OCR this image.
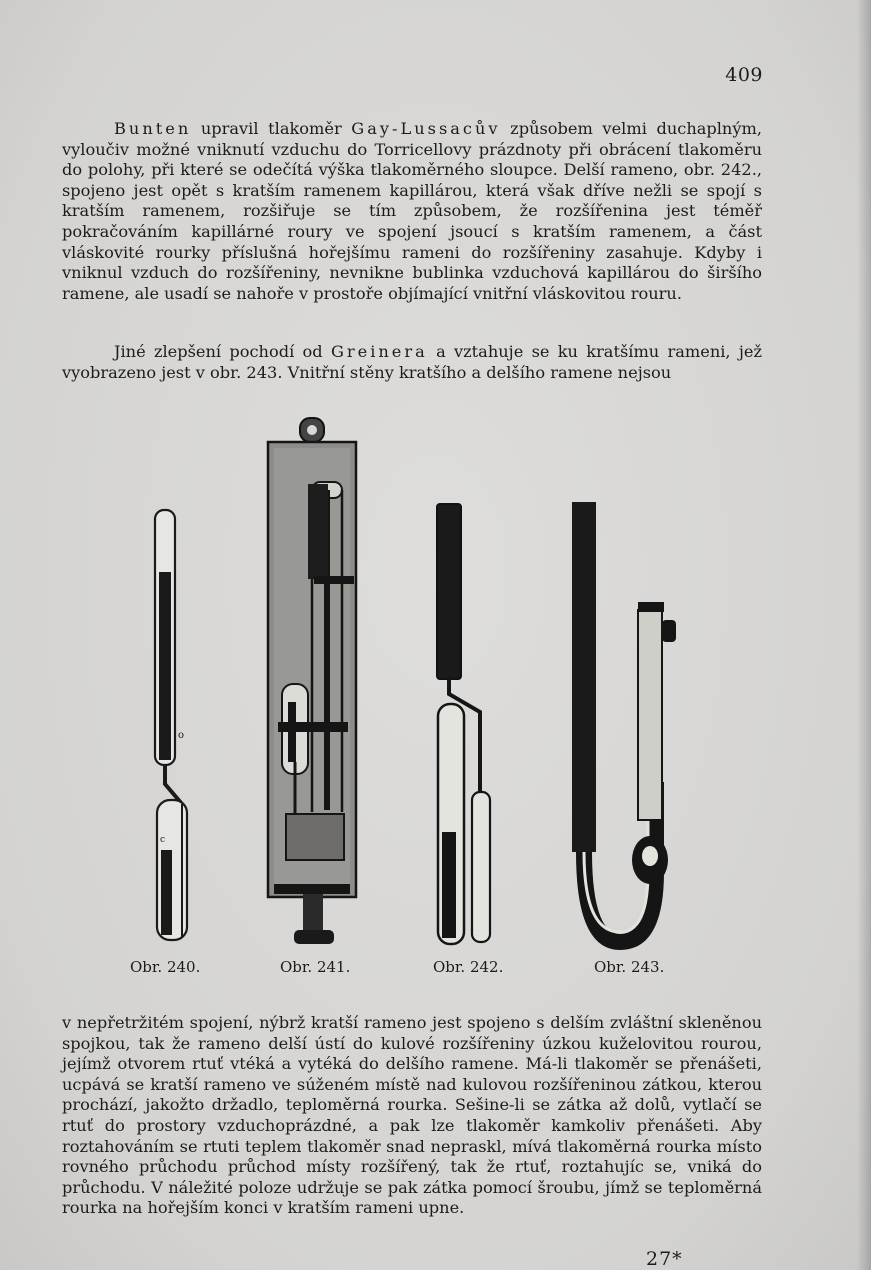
409

Bunten upravil tlakoměr Gay-Lussacův způsobem velmi duchaplným, vyloučiv možné vniknutí vzduchu do Torricellovy prázdnoty při obrácení tlakoměru do polohy, při které se odečítá výška tlakoměrného sloupce. Delší rameno, obr. 242., spojeno jest opět s kratším ramenem kapillárou, která však dříve nežli se spojí s kratším ramenem, rozšiřuje se tím způsobem, že rozšířenina jest téměř pokračováním kapillárné roury ve spojení jsoucí s kratším ramenem, a část vláskovité rourky příslušná hořejšímu rameni do rozšířeniny zasahuje. Kdyby i vniknul vzduch do rozšířeniny, nevnikne bublinka vzduchová kapillárou do širšího ramene, ale usadí se nahoře v prostoře objímající vnitřní vláskovitou rouru.

Jiné zlepšení pochodí od Greinera a vztahuje se ku kratšímu rameni, jež vyobrazeno jest v obr. 243. Vnitřní stěny kratšího a delšího ramene nejsou

o
c
Obr. 240.	Obr. 241.	Obr. 242.	Obr. 243.

v nepřetržitém spojení, nýbrž kratší rameno jest spojeno s delším zvláštní skleněnou spojkou, tak že rameno delší ústí do kulové rozšířeniny úzkou kuželovitou rourou, jejímž otvorem rtuť vtéká a vytéká do delšího ramene. Má-li tlakoměr se přenášeti, ucpává se kratší rameno ve súženém místě nad kulovou rozšířeninou zátkou, kterou prochází, jakožto držadlo, teploměrná rourka. Sešine-li se zátka až dolů, vytlačí se rtuť do prostory vzduchoprázdné, a pak lze tlakoměr kamkoliv přenášeti. Aby roztahováním se rtuti teplem tlakoměr snad nepraskl, mívá tlakoměrná rourka místo rovného průchodu průchod místy rozšířený, tak že rtuť, roztahujíc se, vniká do průchodu. V náležité poloze udržuje se pak zátka pomocí šroubu, jímž se teploměrná rourka na hořejším konci v kratším rameni upne.

27*
